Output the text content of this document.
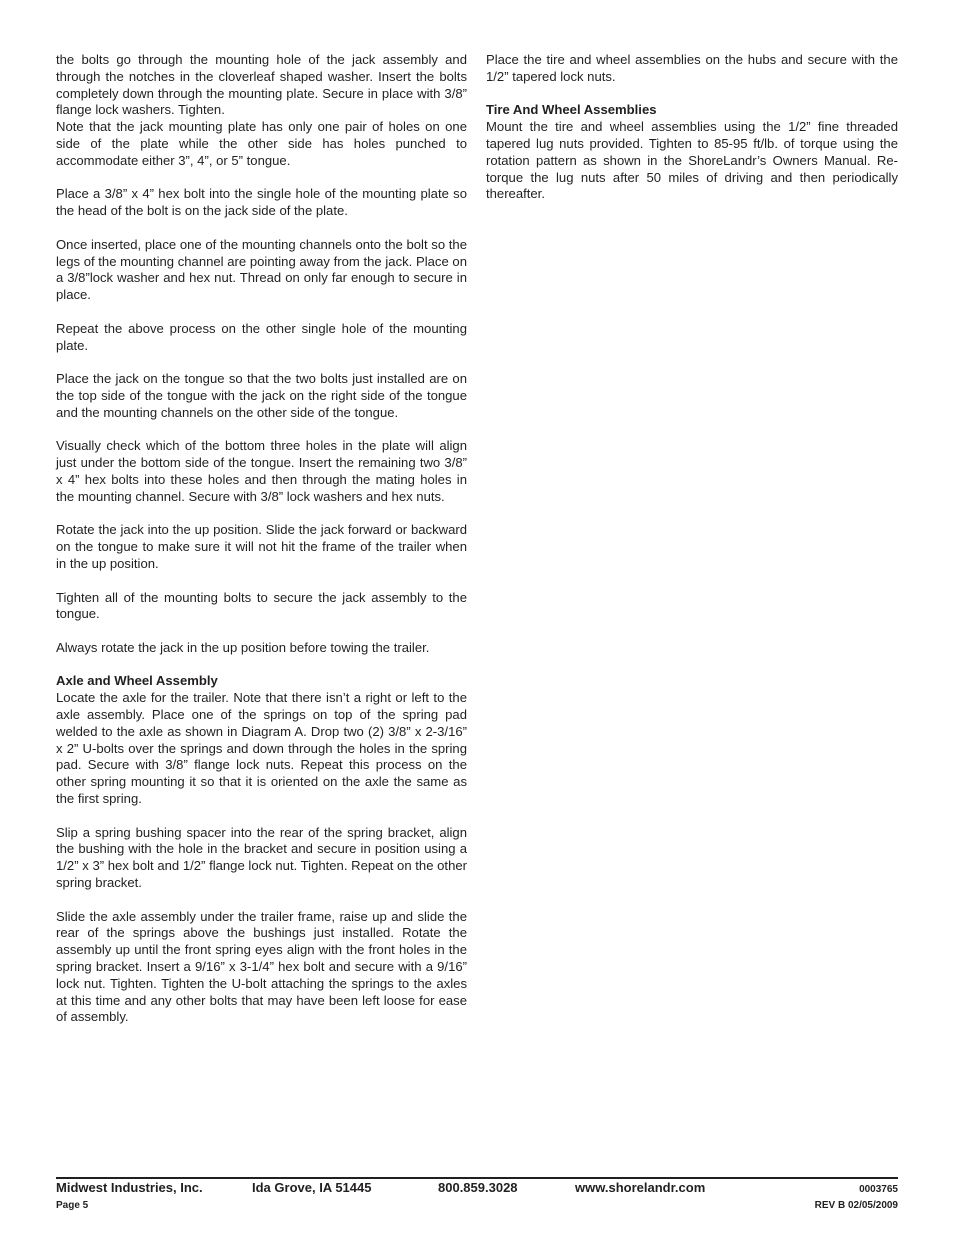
the bolts go through the mounting hole of the jack assembly and through the notches in the cloverleaf shaped washer. Insert the bolts completely down through the mounting plate. Secure in place with 3/8” flange lock washers. Tighten.

Note that the jack mounting plate has only one pair of holes on one side of the plate while the other side has holes punched to accommodate either 3”, 4”, or 5” tongue.

Place a 3/8” x 4” hex bolt into the single hole of the mounting plate so the head of the bolt is on the jack side of the plate.

Once inserted, place one of the mounting channels onto the bolt so the legs of the mounting channel are pointing away from the jack. Place on a 3/8”lock washer and hex nut. Thread on only far enough to secure in place.

Repeat the above process on the other single hole of the mounting plate.

Place the jack on the tongue so that the two bolts just installed are on the top side of the tongue with the jack on the right side of the tongue and the mounting channels on the other side of the tongue.

Visually check which of the bottom three holes in the plate will align just under the bottom side of the tongue. Insert the remaining two 3/8” x 4” hex bolts into these holes and then through the mating holes in the mounting channel. Secure with 3/8” lock washers and hex nuts.

Rotate the jack into the up position. Slide the jack forward or backward on the tongue to make sure it will not hit the frame of the trailer when in the up position.

Tighten all of the mounting bolts to secure the jack assembly to the tongue.

Always rotate the jack in the up position before towing the trailer.

Axle and Wheel Assembly

Locate the axle for the trailer. Note that there isn’t a right or left to the axle assembly. Place one of the springs on top of the spring pad welded to the axle as shown in Diagram A. Drop two (2) 3/8” x 2-3/16” x 2” U-bolts over the springs and down through the holes in the spring pad. Secure with 3/8” flange lock nuts. Repeat this process on the other spring mounting it so that it is oriented on the axle the same as the first spring.

Slip a spring bushing spacer into the rear of the spring bracket, align the bushing with the hole in the bracket and secure in position using a 1/2” x 3” hex bolt and 1/2” flange lock nut. Tighten. Repeat on the other spring bracket.

Slide the axle assembly under the trailer frame, raise up and slide the rear of the springs above the bushings just installed. Rotate the assembly up until the front spring eyes align with the front holes in the spring bracket. Insert a 9/16” x 3-1/4” hex bolt and secure with a 9/16” lock nut. Tighten. Tighten the U-bolt attaching the springs to the axles at this time and any other bolts that may have been left loose for ease of assembly.

Place the tire and wheel assemblies on the hubs and secure with the 1/2” tapered lock nuts.

Tire And Wheel Assemblies

Mount the tire and wheel assemblies using the 1/2” fine threaded tapered lug nuts provided. Tighten to 85-95 ft/lb. of torque using the rotation pattern as shown in the ShoreLandr’s Owners Manual. Re-torque the lug nuts after 50 miles of driving and then periodically thereafter.

Midwest Industries, Inc.	Ida Grove, IA 51445	800.859.3028	www.shorelandr.com	0003765
Page 5	REV B 02/05/2009
